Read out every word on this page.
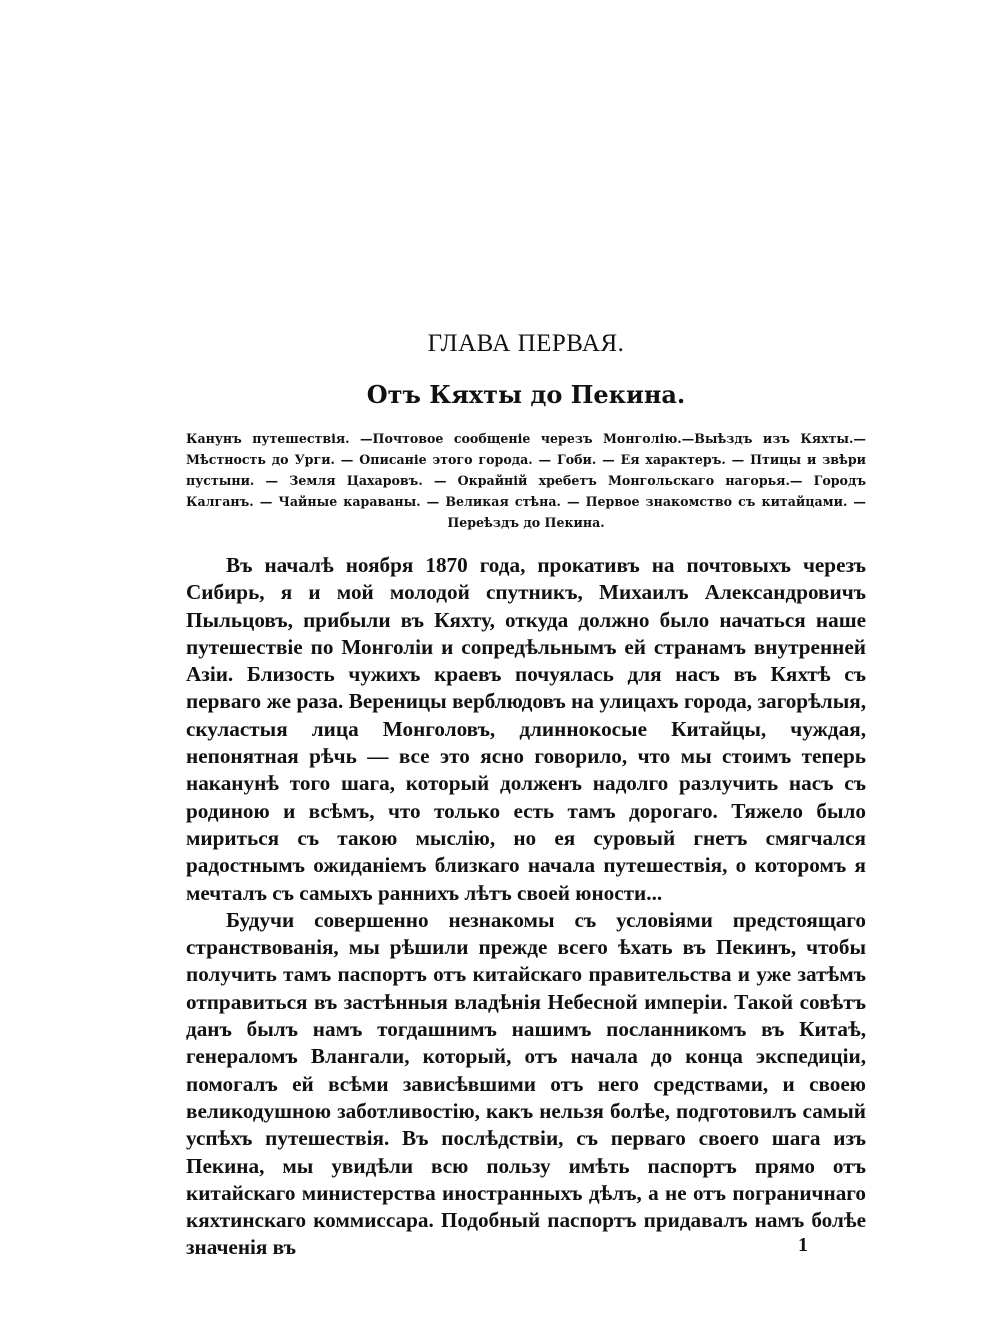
ГЛАВА ПЕРВАЯ.
Отъ Кяхты до Пекина.

Канунъ путешествія. —Почтовое сообщеніе черезъ Монголію.—Выѣздъ изъ Кяхты.— Мѣстность до Урги. — Описаніе этого города. — Гоби. — Ея характеръ. — Птицы и звѣри пустыни. — Земля Цахаровъ. — Окрайній хребетъ Монгольскаго нагорья.— Городъ Калганъ. — Чайные караваны. — Великая стѣна. — Первое знакомство съ китайцами. — Переѣздъ до Пекина.

Въ началѣ ноября 1870 года, прокативъ на почтовыхъ черезъ Сибирь, я и мой молодой спутникъ, Михаилъ Александровичъ Пыльцовъ, прибыли въ Кяхту, откуда должно было начаться наше путешествіе по Монголіи и сопредѣльнымъ ей странамъ внутренней Азіи. Близость чужихъ краевъ почуялась для насъ въ Кяхтѣ съ перваго же раза. Вереницы верблюдовъ на улицахъ города, загорѣлыя, скуластыя лица Монголовъ, длиннокосые Китайцы, чуждая, непонятная рѣчь — все это ясно говорило, что мы стоимъ теперь наканунѣ того шага, который долженъ надолго разлучить насъ съ родиною и всѣмъ, что только есть тамъ дорогаго. Тяжело было мириться съ такою мыслію, но ея суровый гнетъ смягчался радостнымъ ожиданіемъ близкаго начала путешествія, о которомъ я мечталъ съ самыхъ раннихъ лѣтъ своей юности...

Будучи совершенно незнакомы съ условіями предстоящаго странствованія, мы рѣшили прежде всего ѣхать въ Пекинъ, чтобы получить тамъ паспортъ отъ китайскаго правительства и уже затѣмъ отправиться въ застѣнныя владѣнія Небесной имперіи. Такой совѣтъ данъ былъ намъ тогдашнимъ нашимъ посланникомъ въ Китаѣ, генераломъ Влангали, который, отъ начала до конца экспедиціи, помогалъ ей всѣми зависѣвшими отъ него средствами, и своею великодушною заботливостію, какъ нельзя болѣе, подготовилъ самый успѣхъ путешествія. Въ послѣдствіи, съ перваго своего шага изъ Пекина, мы увидѣли всю пользу имѣть паспортъ прямо отъ китайскаго министерства иностранныхъ дѣлъ, а не отъ пограничнаго кяхтинскаго коммиссара. Подобный паспортъ придавалъ намъ болѣе значенія въ	1
